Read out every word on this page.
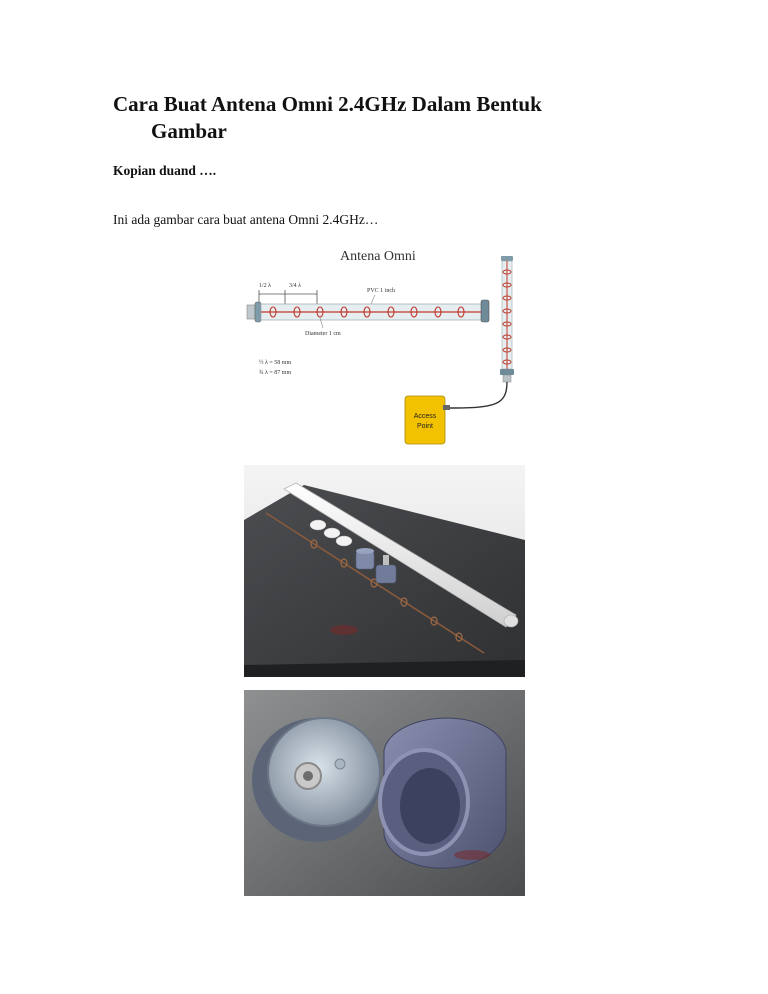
Cara Buat Antena Omni 2.4GHz Dalam Bentuk
Gambar

Kopian duand ….

Ini ada gambar cara buat antena Omni 2.4GHz…

Antena Omni
1/2 λ	3/4 λ
PVC 1 inch
Diameter 1 cm
½ λ = 58 mm
¾ λ = 87 mm
Access
Point
